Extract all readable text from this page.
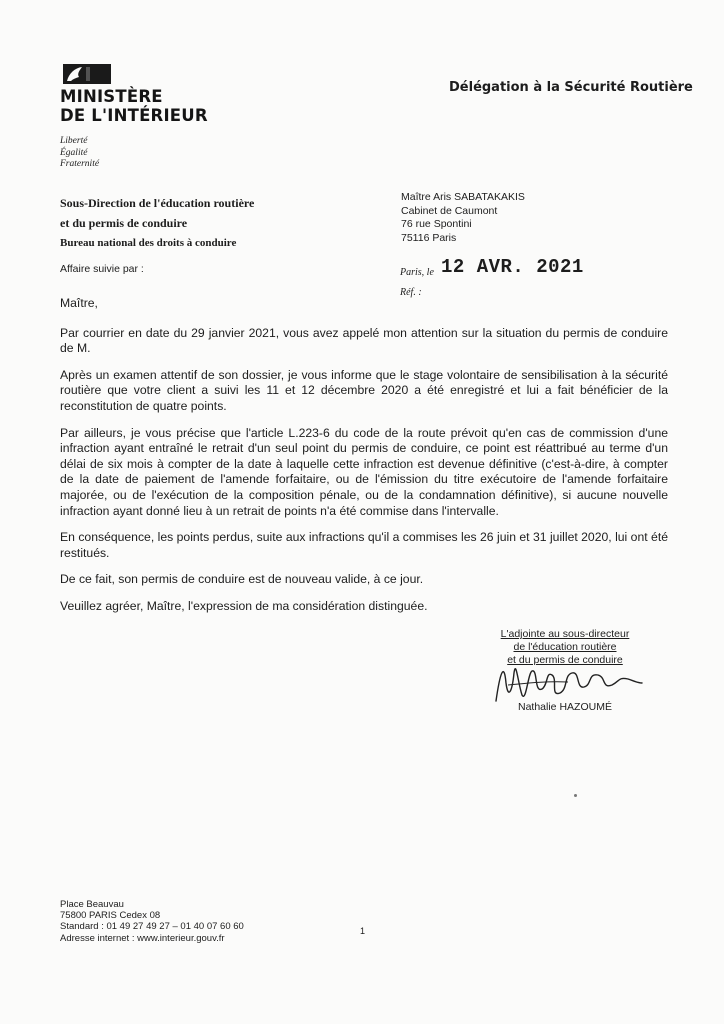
MINISTÈRE
DE L'INTÉRIEUR
Liberté
Égalité
Fraternité
Délégation à la Sécurité Routière
Sous-Direction de l'éducation routière
et du permis de conduire
Bureau national des droits à conduire
Maître Aris SABATAKAKIS
Cabinet de Caumont
76 rue Spontini
75116 Paris
Affaire suivie par :	Paris, le 12 AVR. 2021
Réf. :

Maître,

Par courrier en date du 29 janvier 2021, vous avez appelé mon attention sur la situation du permis de conduire de M.

Après un examen attentif de son dossier, je vous informe que le stage volontaire de sensibilisation à la sécurité routière que votre client a suivi les 11 et 12 décembre 2020 a été enregistré et lui a fait bénéficier de la reconstitution de quatre points.

Par ailleurs, je vous précise que l'article L.223-6 du code de la route prévoit qu'en cas de commission d'une infraction ayant entraîné le retrait d'un seul point du permis de conduire, ce point est réattribué au terme d'un délai de six mois à compter de la date à laquelle cette infraction est devenue définitive (c'est-à-dire, à compter de la date de paiement de l'amende forfaitaire, ou de l'émission du titre exécutoire de l'amende forfaitaire majorée, ou de l'exécution de la composition pénale, ou de la condamnation définitive), si aucune nouvelle infraction ayant donné lieu à un retrait de points n'a été commise dans l'intervalle.

En conséquence, les points perdus, suite aux infractions qu'il a commises les 26 juin et 31 juillet 2020, lui ont été restitués.

De ce fait, son permis de conduire est de nouveau valide, à ce jour.

Veuillez agréer, Maître, l'expression de ma considération distinguée.

L'adjointe au sous-directeur
de l'éducation routière
et du permis de conduire
Nathalie HAZOUMÉ
Place Beauvau
75800 PARIS Cedex 08
Standard : 01 49 27 49 27 – 01 40 07 60 60
Adresse internet : www.interieur.gouv.fr
1
